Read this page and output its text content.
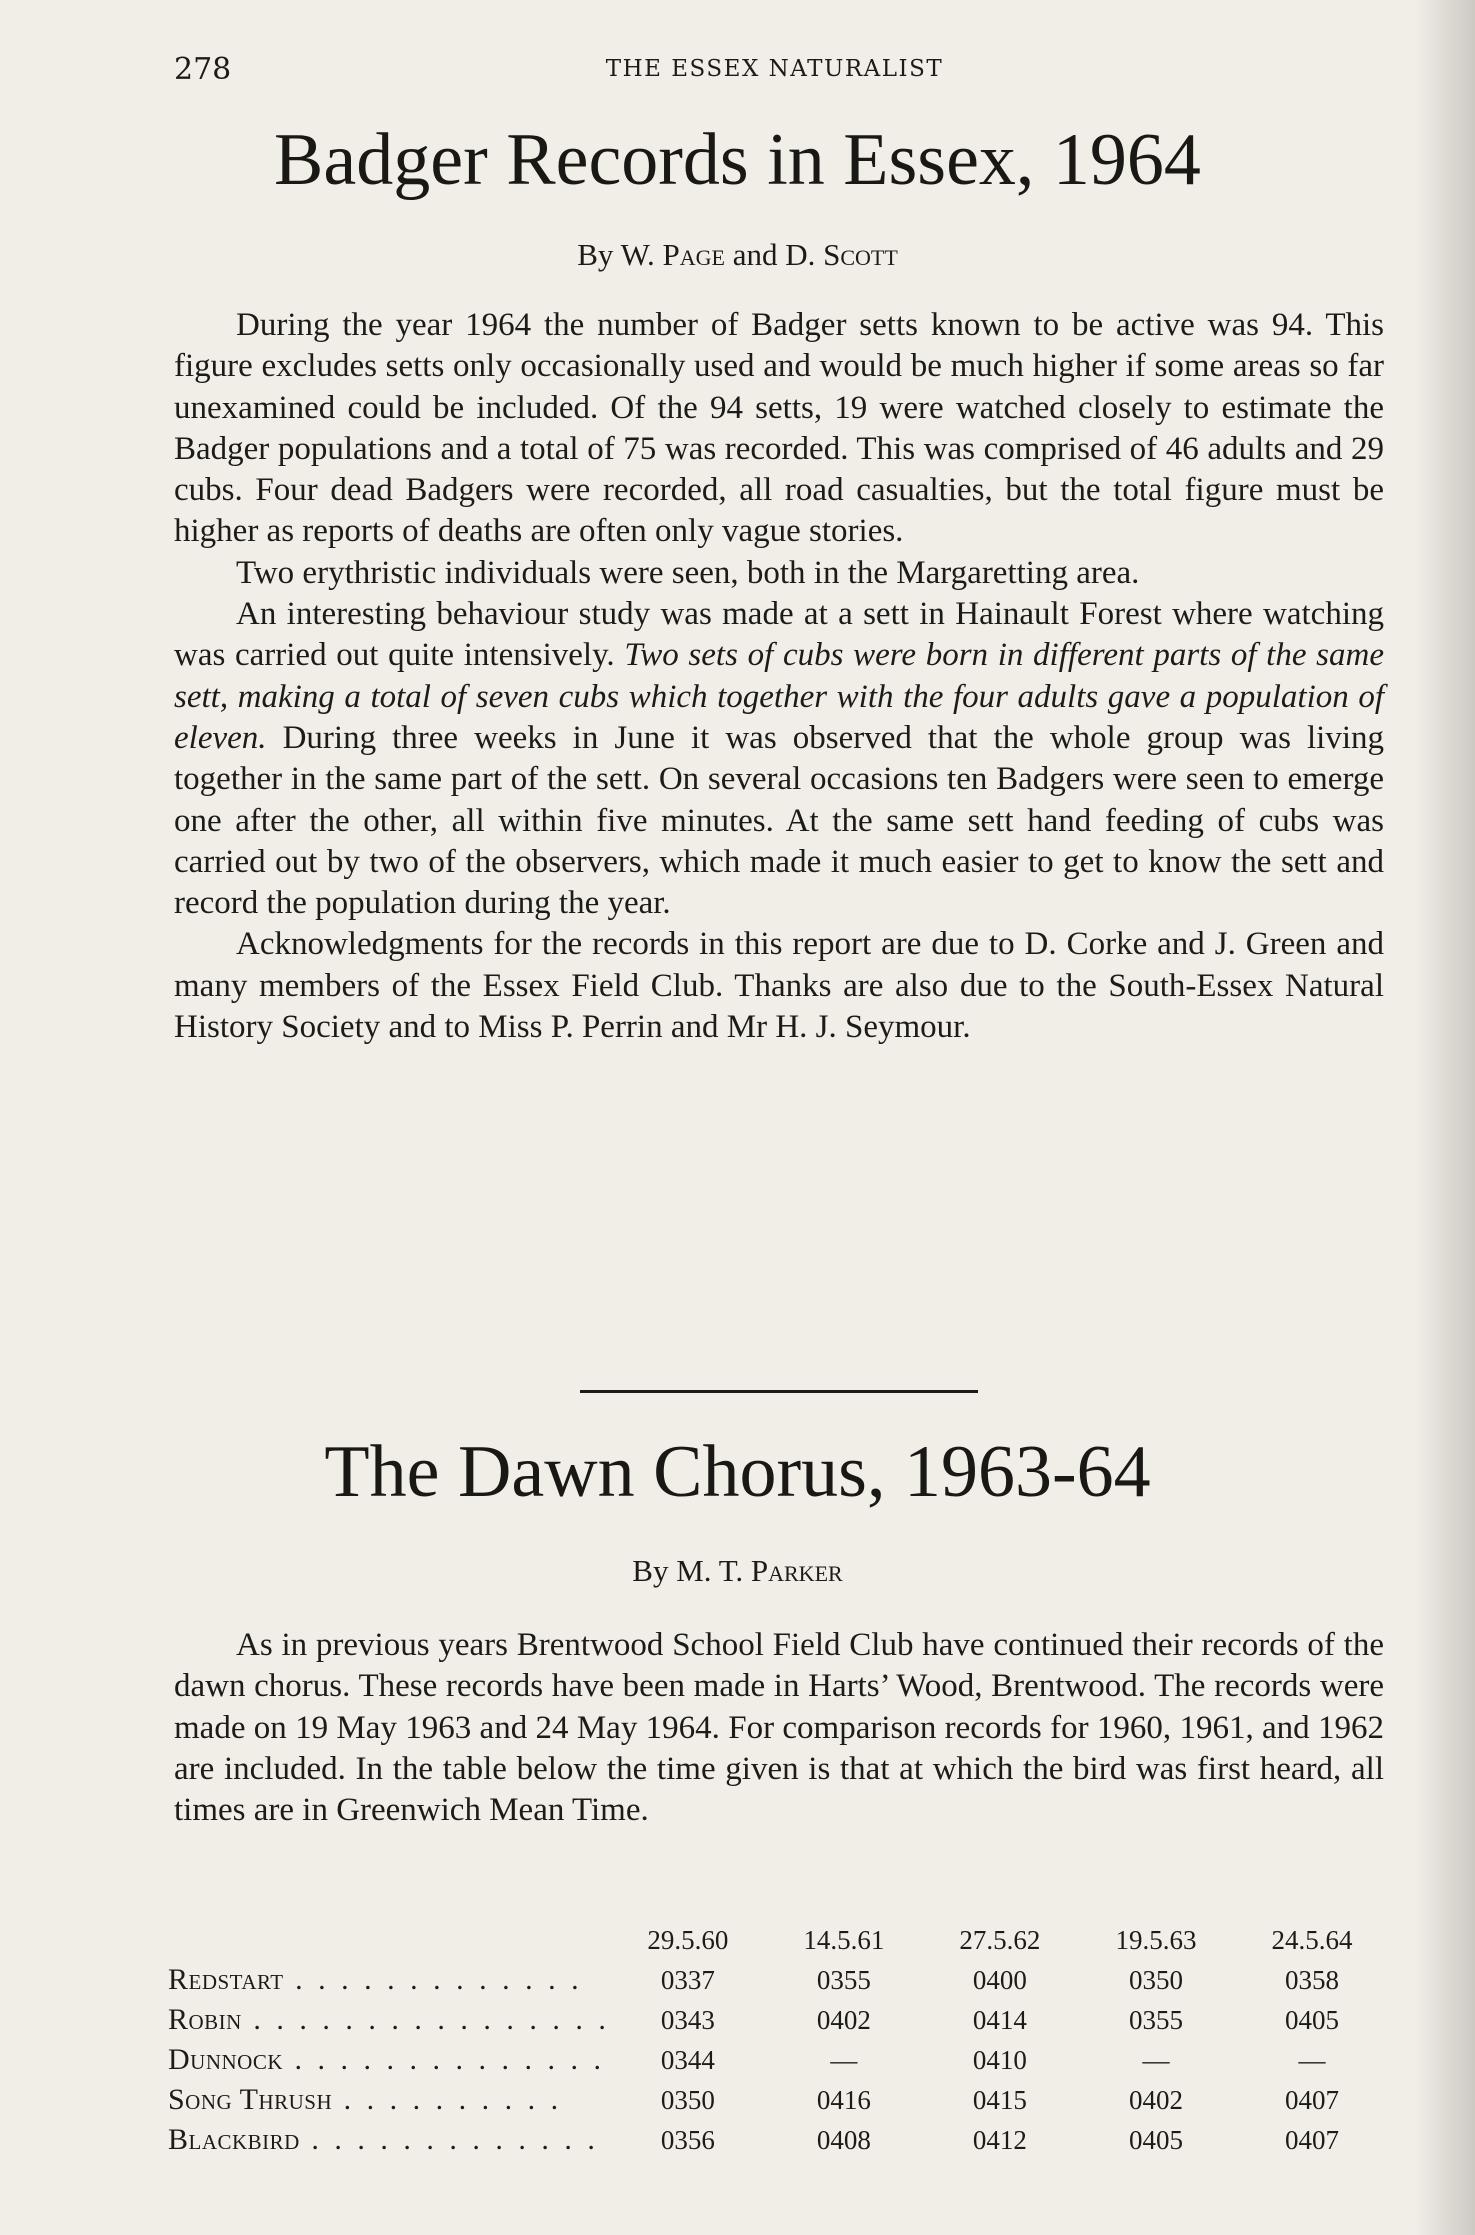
278	THE ESSEX NATURALIST
Badger Records in Essex, 1964
By W. Page and D. Scott

During the year 1964 the number of Badger setts known to be active was 94. This figure excludes setts only occasionally used and would be much higher if some areas so far unexamined could be included. Of the 94 setts, 19 were watched closely to estimate the Badger populations and a total of 75 was recorded. This was comprised of 46 adults and 29 cubs. Four dead Badgers were recorded, all road casualties, but the total figure must be higher as reports of deaths are often only vague stories.

Two erythristic individuals were seen, both in the Margaretting area.

An interesting behaviour study was made at a sett in Hainault Forest where watching was carried out quite intensively. Two sets of cubs were born in different parts of the same sett, making a total of seven cubs which together with the four adults gave a population of eleven. During three weeks in June it was observed that the whole group was living together in the same part of the sett. On several occasions ten Badgers were seen to emerge one after the other, all within five minutes. At the same sett hand feeding of cubs was carried out by two of the observers, which made it much easier to get to know the sett and record the population during the year.

Acknowledgments for the records in this report are due to D. Corke and J. Green and many members of the Essex Field Club. Thanks are also due to the South-Essex Natural History Society and to Miss P. Perrin and Mr H. J. Seymour.

The Dawn Chorus, 1963-64
By M. T. Parker

As in previous years Brentwood School Field Club have continued their records of the dawn chorus. These records have been made in Harts’ Wood, Brentwood. The records were made on 19 May 1963 and 24 May 1964. For comparison records for 1960, 1961, and 1962 are included. In the table below the time given is that at which the bird was first heard, all times are in Greenwich Mean Time.

	29.5.60	14.5.61	27.5.62	19.5.63	24.5.64
Redstart . . . . . . . . . . . . .	0337	0355	0400	0350	0358
Robin . . . . . . . . . . . . . . . .	0343	0402	0414	0355	0405
Dunnock . . . . . . . . . . . . . .	0344	—	0410	—	—
Song Thrush . . . . . . . . . .	0350	0416	0415	0402	0407
Blackbird . . . . . . . . . . . . .	0356	0408	0412	0405	0407
